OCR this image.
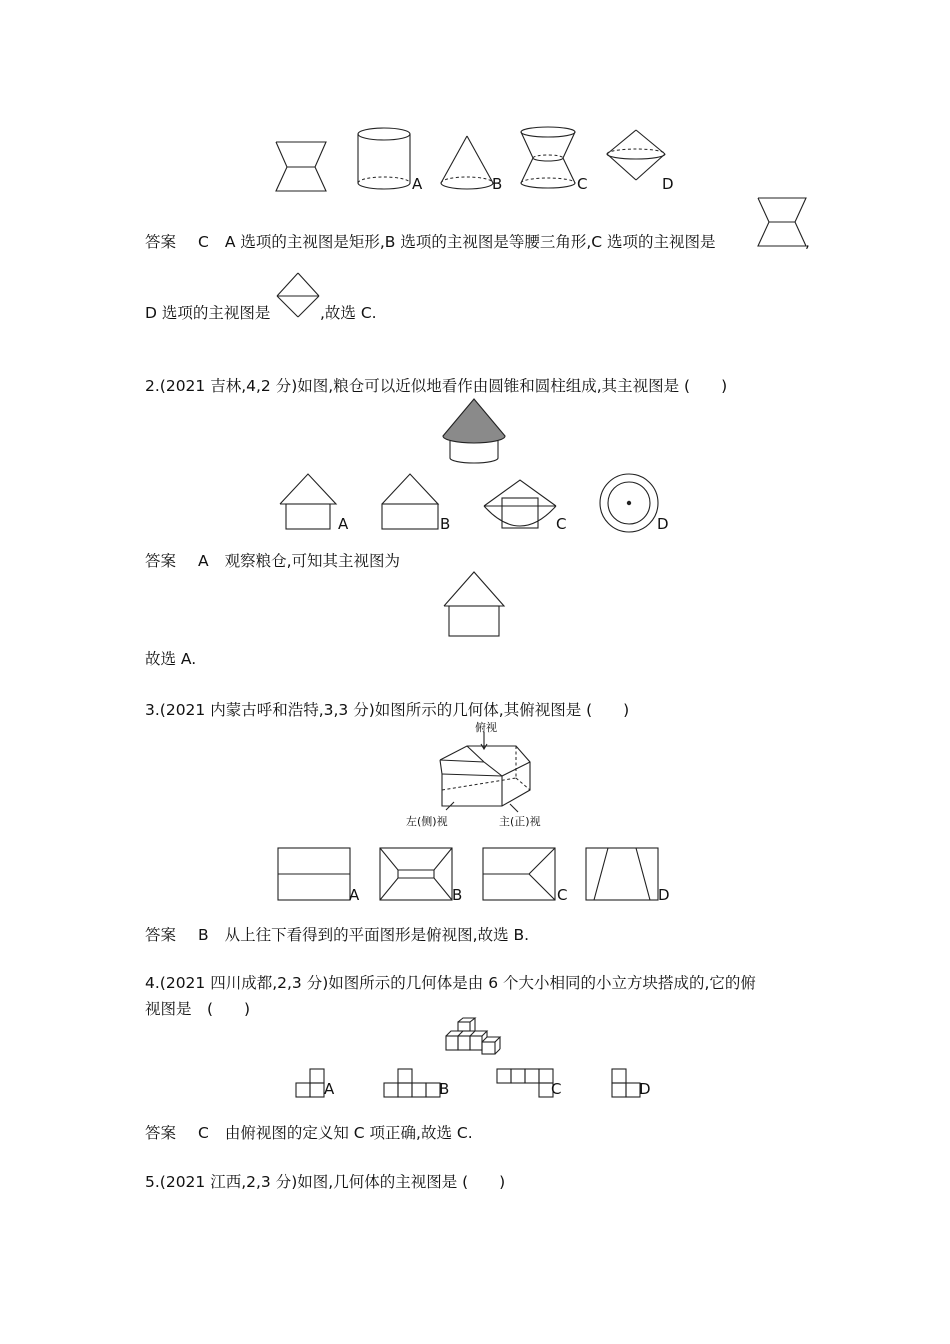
A	B	C	D
答案 C A 选项的主视图是矩形,B 选项的主视图是等腰三角形,C 选项的主视图是	,
D 选项的主视图是	,故选 C.
2.(2021 吉林,4,2 分)如图,粮仓可以近似地看作由圆锥和圆柱组成,其主视图是 (　　)
A	B	C	D
答案 A 观察粮仓,可知其主视图为
故选 A.
3.(2021 内蒙古呼和浩特,3,3 分)如图所示的几何体,其俯视图是 (　　)
俯视
左(侧)视	主(正)视
A	B	C	D
答案 B 从上往下看得到的平面图形是俯视图,故选 B.
4.(2021 四川成都,2,3 分)如图所示的几何体是由 6 个大小相同的小立方块搭成的,它的俯
视图是　(　　)
A	B	C	D
答案 C 由俯视图的定义知 C 项正确,故选 C.
5.(2021 江西,2,3 分)如图,几何体的主视图是 (　　)
